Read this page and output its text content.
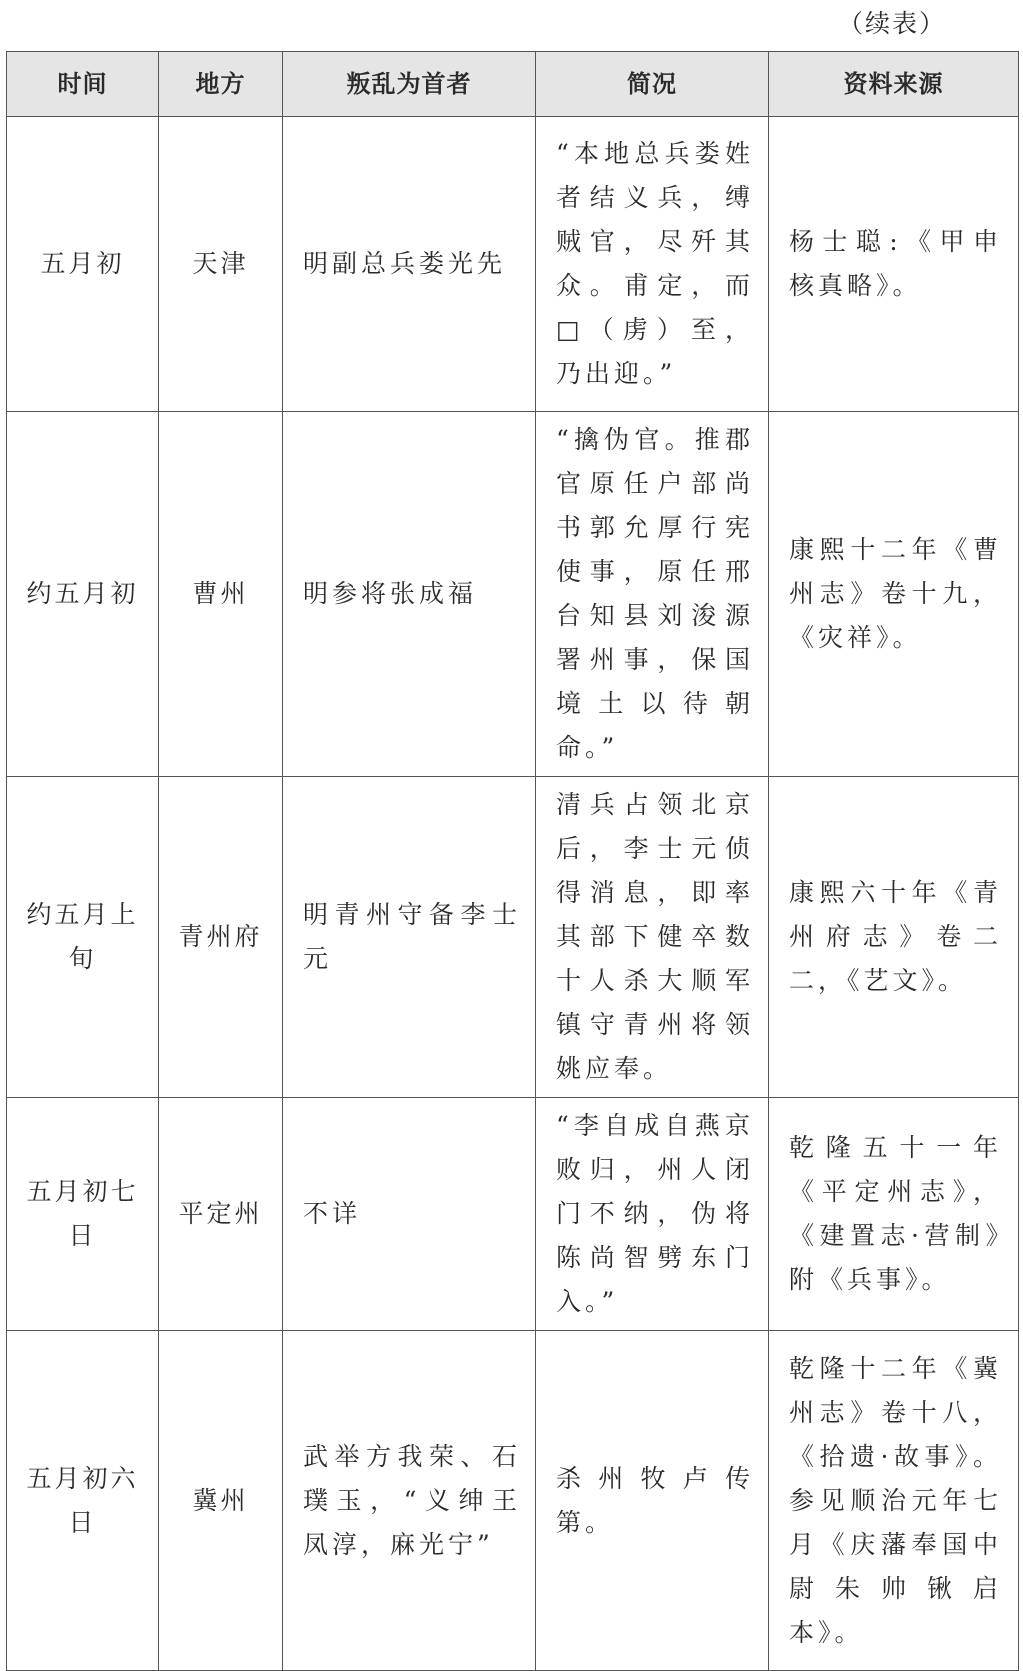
（续表）
时间	地方	叛乱为首者	简况	资料来源
五月初	天津	明副总兵娄光先	“本地总兵娄姓者结义兵，缚贼官，尽歼其众。甫定，而□（虏）至，乃出迎。”	杨士聪:《甲申核真略》。
约五月初	曹州	明参将张成福	“擒伪官。推郡官原任户部尚书郭允厚行宪使事，原任邢台知县刘浚源署州事，保国境土以待朝命。”	康熙十二年《曹州志》卷十九，《灾祥》。
约五月上旬	青州府	明青州守备李士元	清兵占领北京后，李士元侦得消息，即率其部下健卒数十人杀大顺军镇守青州将领姚应奉。	康熙六十年《青州府志》卷二二，《艺文》。
五月初七日	平定州	不详	“李自成自燕京败归，州人闭门不纳，伪将陈尚智劈东门入。”	乾隆五十一年《平定州志》，《建置志·营制》附《兵事》。
五月初六日	冀州	武举方我荣、石璞玉，“义绅王凤淳，麻光宁”	杀州牧卢传第。	乾隆十二年《冀州志》卷十八，《拾遗·故事》。参见顺治元年七月《庆藩奉国中尉朱帅锹启本》。
